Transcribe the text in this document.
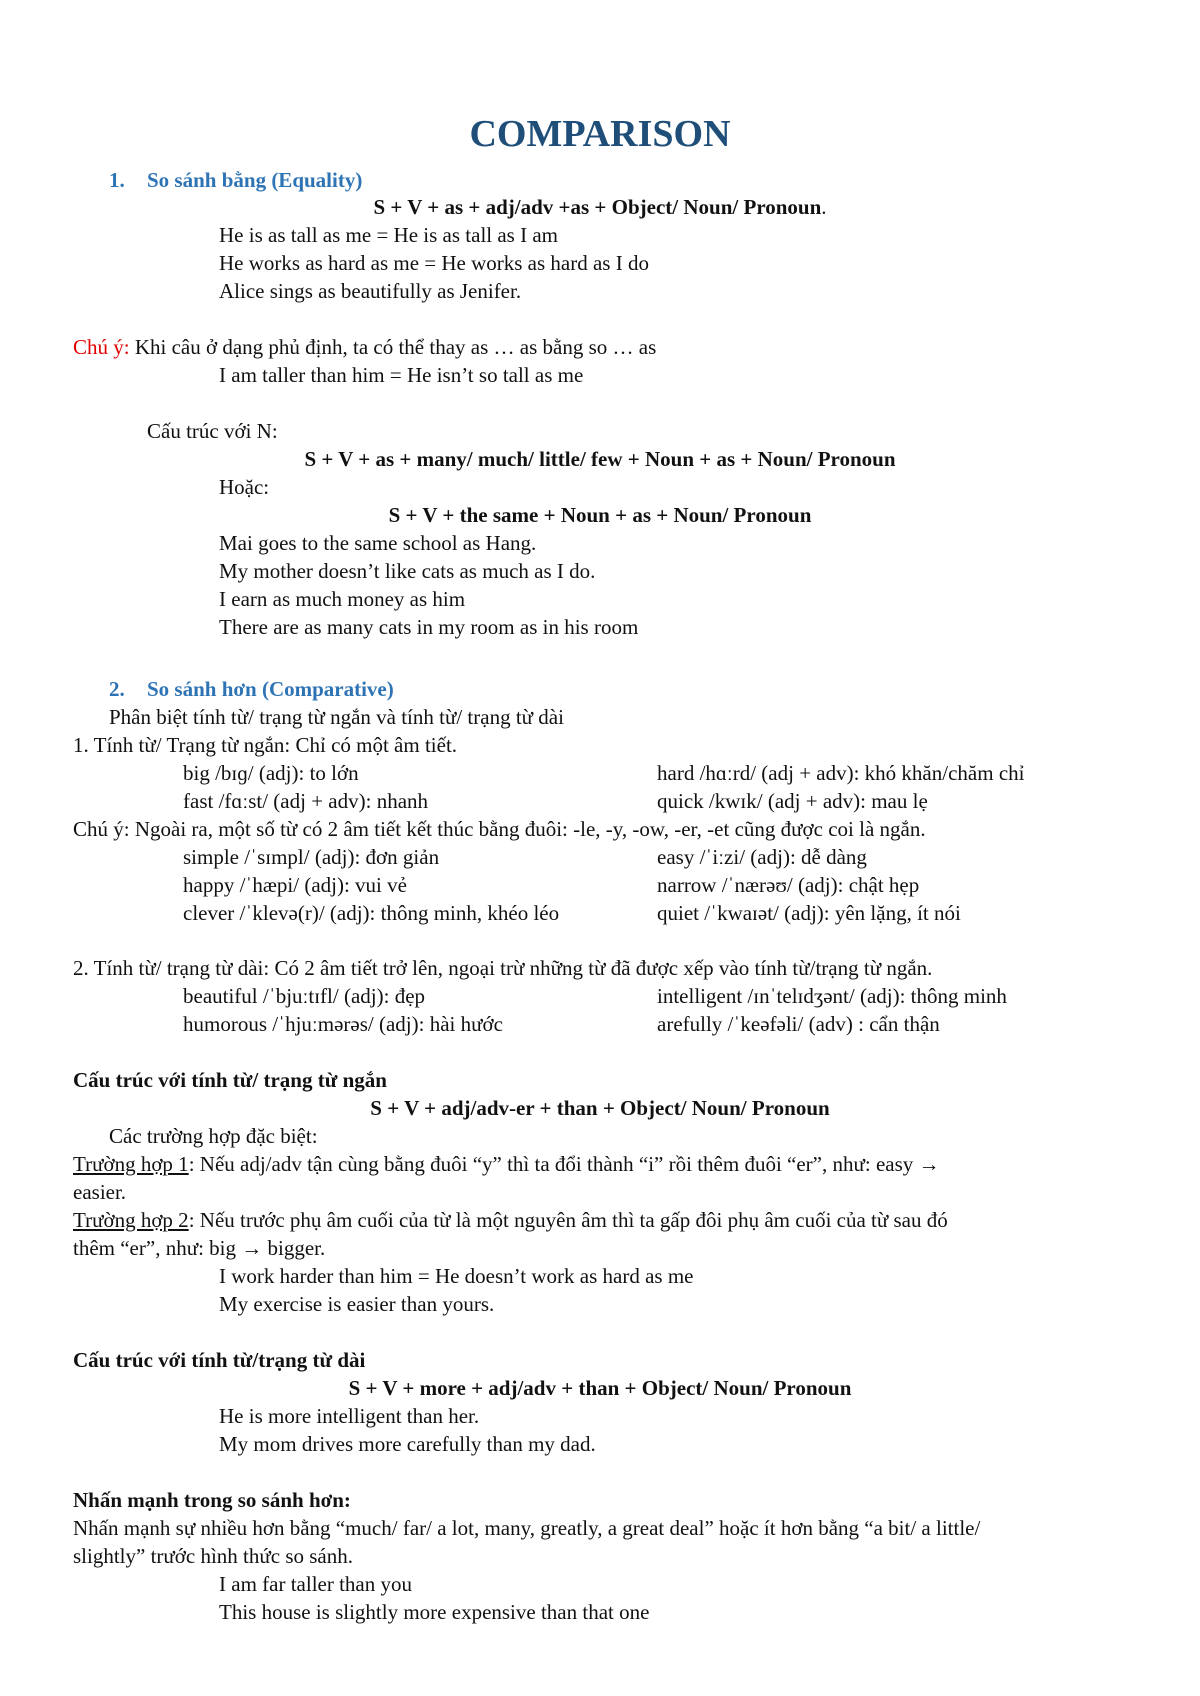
COMPARISON
1. So sánh bằng (Equality)
S + V + as + adj/adv +as + Object/ Noun/ Pronoun.
He is as tall as me = He is as tall as I am
He works as hard as me = He works as hard as I do
Alice sings as beautifully as Jenifer.
Chú ý: Khi câu ở dạng phủ định, ta có thể thay as … as bằng so … as
I am taller than him = He isn’t so tall as me
Cấu trúc với N:
S + V + as + many/ much/ little/ few + Noun + as + Noun/ Pronoun
Hoặc:
S + V + the same + Noun + as + Noun/ Pronoun
Mai goes to the same school as Hang.
My mother doesn’t like cats as much as I do.
I earn as much money as him
There are as many cats in my room as in his room
2. So sánh hơn (Comparative)
Phân biệt tính từ/ trạng từ ngắn và tính từ/ trạng từ dài
1. Tính từ/ Trạng từ ngắn: Chỉ có một âm tiết.
big /bɪɡ/ (adj): to lớn	hard /hɑːrd/ (adj + adv): khó khăn/chăm chỉ
fast /fɑːst/ (adj + adv): nhanh	quick /kwɪk/ (adj + adv): mau lẹ
Chú ý: Ngoài ra, một số từ có 2 âm tiết kết thúc bằng đuôi: -le, -y, -ow, -er, -et cũng được coi là ngắn.
simple /ˈsɪmpl/ (adj): đơn giản	easy /ˈiːzi/ (adj): dễ dàng
happy /ˈhæpi/ (adj): vui vẻ	narrow /ˈnærəʊ/ (adj): chật hẹp
clever /ˈklevə(r)/ (adj): thông minh, khéo léo	quiet /ˈkwaɪət/ (adj): yên lặng, ít nói
2. Tính từ/ trạng từ dài: Có 2 âm tiết trở lên, ngoại trừ những từ đã được xếp vào tính từ/trạng từ ngắn.
beautiful /ˈbjuːtɪfl/ (adj): đẹp	intelligent /ɪnˈtelɪdʒənt/ (adj): thông minh
humorous /ˈhjuːmərəs/ (adj): hài hước	arefully /ˈkeəfəli/ (adv) : cẩn thận
Cấu trúc với tính từ/ trạng từ ngắn
S + V + adj/adv-er + than + Object/ Noun/ Pronoun
Các trường hợp đặc biệt:
Trường hợp 1: Nếu adj/adv tận cùng bằng đuôi “y” thì ta đổi thành “i” rồi thêm đuôi “er”, như: easy →
easier.
Trường hợp 2: Nếu trước phụ âm cuối của từ là một nguyên âm thì ta gấp đôi phụ âm cuối của từ sau đó
thêm “er”, như: big → bigger.
I work harder than him = He doesn’t work as hard as me
My exercise is easier than yours.
Cấu trúc với tính từ/trạng từ dài
S + V + more + adj/adv + than + Object/ Noun/ Pronoun
He is more intelligent than her.
My mom drives more carefully than my dad.
Nhấn mạnh trong so sánh hơn:
Nhấn mạnh sự nhiều hơn bằng “much/ far/ a lot, many, greatly, a great deal” hoặc ít hơn bằng “a bit/ a little/
slightly” trước hình thức so sánh.
I am far taller than you
This house is slightly more expensive than that one
